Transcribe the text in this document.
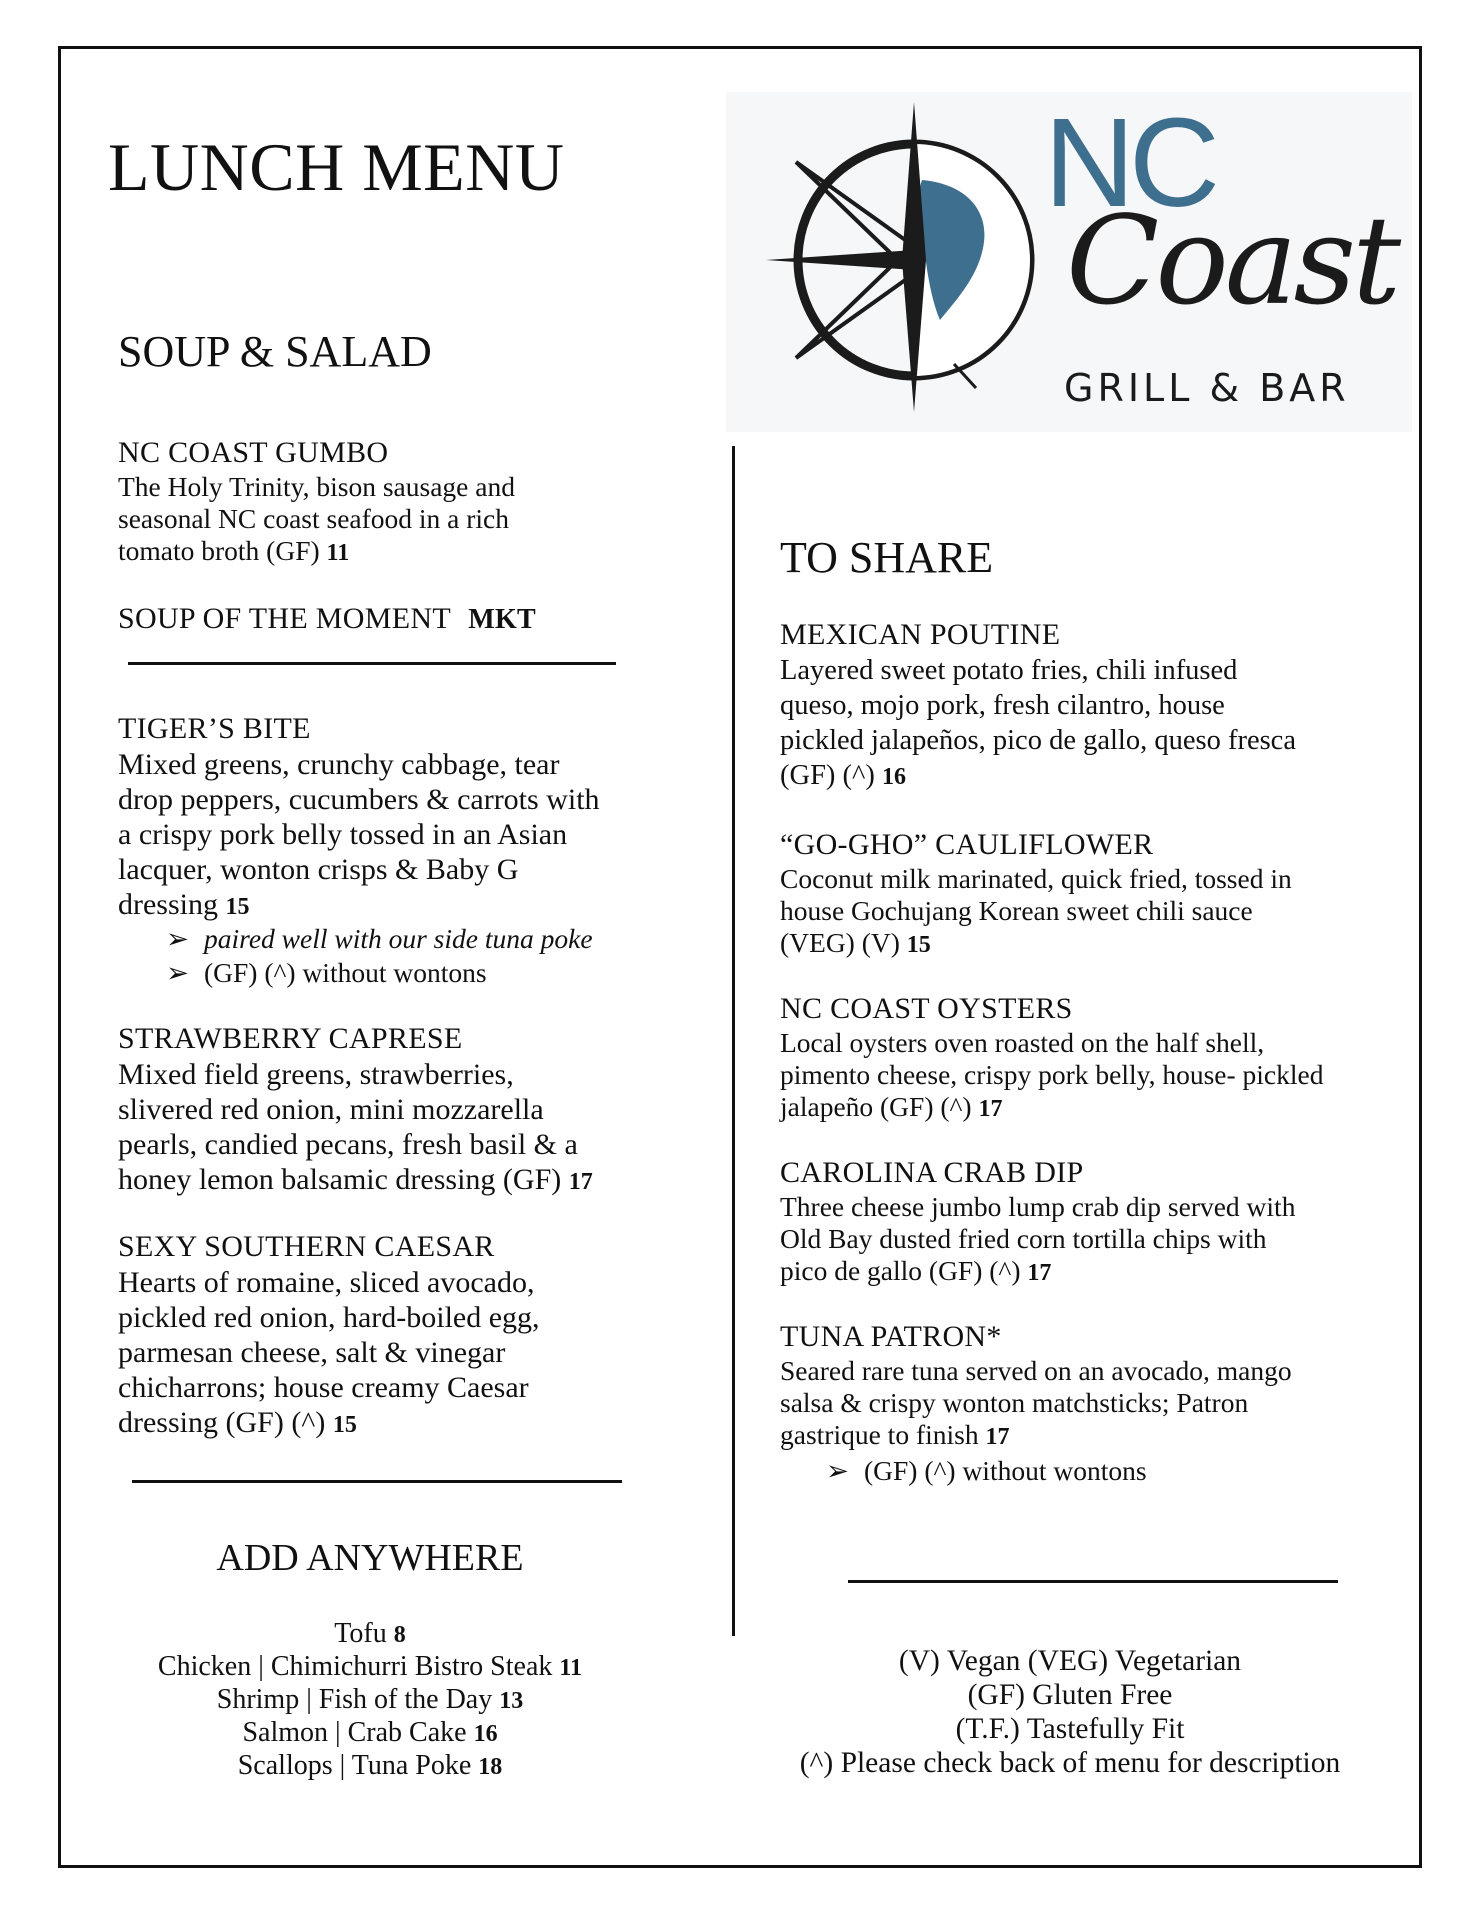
LUNCH MENU	NC
Coast
GRILL & BAR
SOUP & SALAD
NC COAST GUMBO
The Holy Trinity, bison sausage and
seasonal NC coast seafood in a rich
tomato broth (GF) 11
SOUP OF THE MOMENT MKT
TIGER’S BITE
Mixed greens, crunchy cabbage, tear
drop peppers, cucumbers & carrots with
a crispy pork belly tossed in an Asian
lacquer, wonton crisps & Baby G
dressing 15
➢ paired well with our side tuna poke
➢ (GF) (^) without wontons
STRAWBERRY CAPRESE
Mixed field greens, strawberries,
slivered red onion, mini mozzarella
pearls, candied pecans, fresh basil & a
honey lemon balsamic dressing (GF) 17
SEXY SOUTHERN CAESAR
Hearts of romaine, sliced avocado,
pickled red onion, hard-boiled egg,
parmesan cheese, salt & vinegar
chicharrons; house creamy Caesar
dressing (GF) (^) 15
ADD ANYWHERE
Tofu 8
Chicken | Chimichurri Bistro Steak 11
Shrimp | Fish of the Day 13
Salmon | Crab Cake 16
Scallops | Tuna Poke 18
TO SHARE
MEXICAN POUTINE
Layered sweet potato fries, chili infused
queso, mojo pork, fresh cilantro, house
pickled jalapeños, pico de gallo, queso fresca
(GF) (^) 16
“GO-GHO” CAULIFLOWER
Coconut milk marinated, quick fried, tossed in
house Gochujang Korean sweet chili sauce
(VEG) (V) 15
NC COAST OYSTERS
Local oysters oven roasted on the half shell,
pimento cheese, crispy pork belly, house- pickled
jalapeño (GF) (^) 17
CAROLINA CRAB DIP
Three cheese jumbo lump crab dip served with
Old Bay dusted fried corn tortilla chips with
pico de gallo (GF) (^) 17
TUNA PATRON*
Seared rare tuna served on an avocado, mango
salsa & crispy wonton matchsticks; Patron
gastrique to finish 17
➢ (GF) (^) without wontons
(V) Vegan (VEG) Vegetarian
(GF) Gluten Free
(T.F.) Tastefully Fit
(^) Please check back of menu for description
